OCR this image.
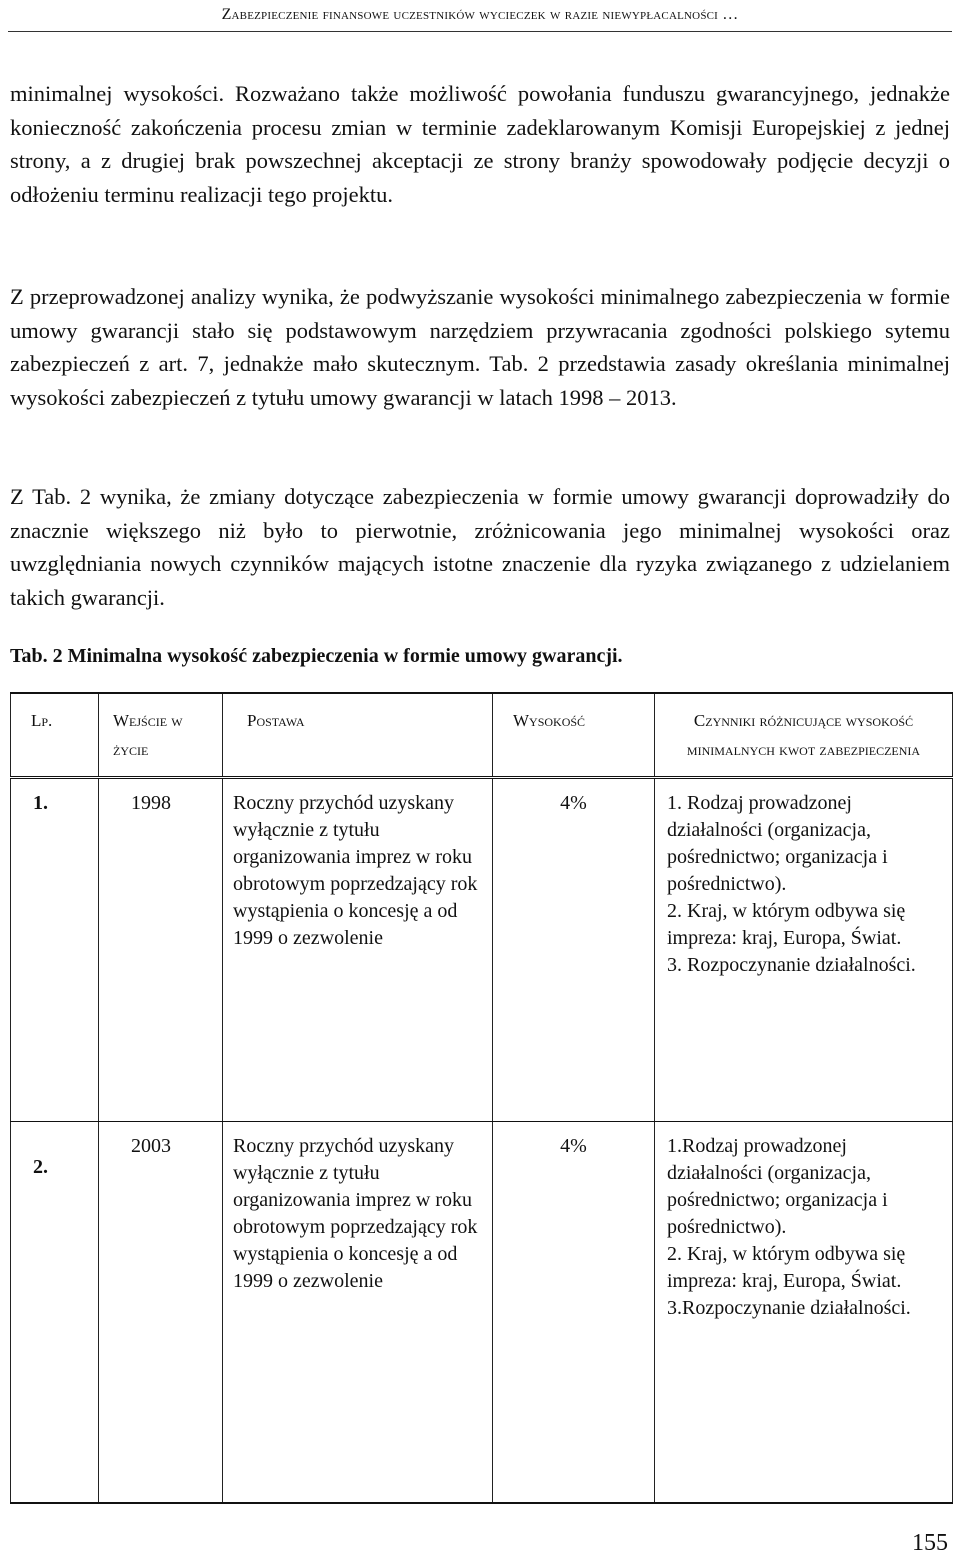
Zabezpieczenie finansowe uczestników wycieczek w razie niewypłacalności …

minimalnej wysokości. Rozważano także możliwość powołania funduszu gwarancyjnego, jednakże konieczność zakończenia procesu zmian w terminie zadeklarowanym Komisji Europejskiej z jednej strony, a z drugiej brak powszechnej akceptacji ze strony branży spowodowały podjęcie decyzji o odłożeniu terminu realizacji tego projektu.

Z przeprowadzonej analizy wynika, że podwyższanie wysokości minimalnego zabezpieczenia w formie umowy gwarancji stało się podstawowym narzędziem przywracania zgodności polskiego sytemu zabezpieczeń z art. 7, jednakże mało skutecznym. Tab. 2 przedstawia zasady określania minimalnej wysokości zabezpieczeń z tytułu umowy gwarancji w latach 1998 – 2013.

Z Tab. 2 wynika, że zmiany dotyczące zabezpieczenia w formie umowy gwarancji doprowadziły do znacznie większego niż było to pierwotnie, zróżnicowania jego minimalnej wysokości oraz uwzględniania nowych czynników mających istotne znaczenie dla ryzyka związanego z udzielaniem takich gwarancji.

Tab. 2 Minimalna wysokość zabezpieczenia w formie umowy gwarancji.

Lp.	Wejście w życie	Postawa	Wysokość	Czynniki różnicujące wysokość minimalnych kwot zabezpieczenia
1.	1998	Roczny przychód uzyskany wyłącznie z tytułu organizowania imprez w roku obrotowym poprzedzający rok wystąpienia o koncesję a od 1999 o zezwolenie	4%	1. Rodzaj prowadzonej działalności (organizacja, pośrednictwo; organizacja i pośrednictwo).
2. Kraj, w którym odbywa się impreza: kraj, Europa, Świat.
3. Rozpoczynanie działalności.

2.	2003	Roczny przychód uzyskany wyłącznie z tytułu organizowania imprez w roku obrotowym poprzedzający rok wystąpienia o koncesję a od 1999 o zezwolenie	4%	1.Rodzaj prowadzonej działalności (organizacja, pośrednictwo; organizacja i pośrednictwo).
2. Kraj, w którym odbywa się impreza: kraj, Europa, Świat.
3.Rozpoczynanie działalności.
155
